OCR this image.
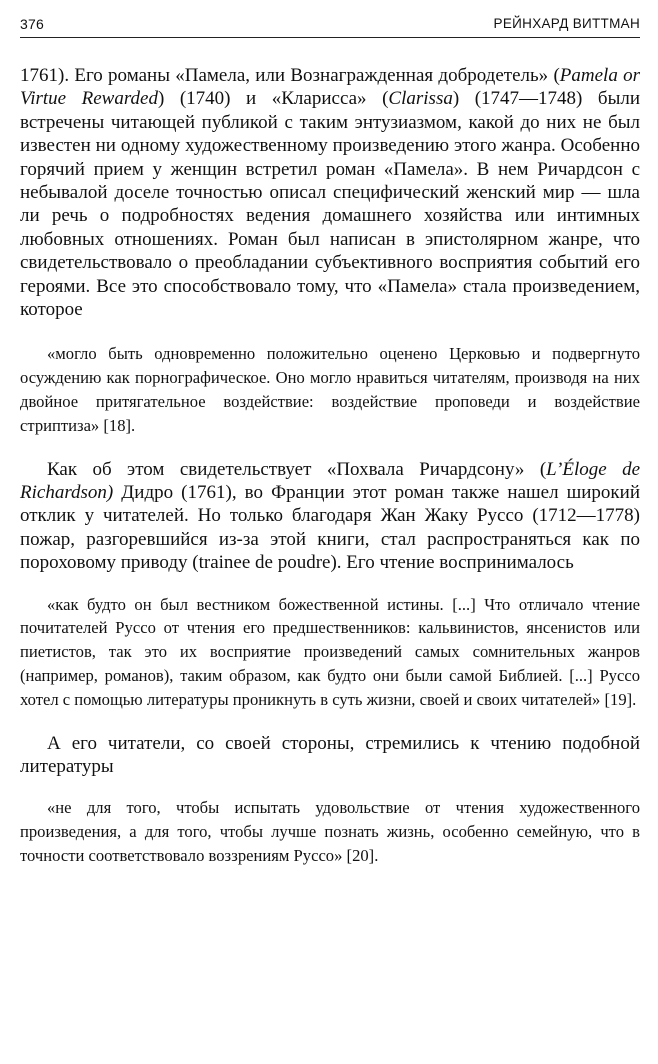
376	РЕЙНХАРД ВИТТМАН

1761). Его романы «Памела, или Вознагражденная добродетель» (Pamela or Virtue Rewarded) (1740) и «Кларисса» (Clarissa) (1747—1748) были встречены читающей публикой с таким энтузиазмом, какой до них не был известен ни одному художественному произведению этого жанра. Особенно горячий прием у женщин встретил роман «Памела». В нем Ричардсон с небывалой доселе точностью описал специфический женский мир — шла ли речь о подробностях ведения домашнего хозяйства или интимных любовных отношениях. Роман был написан в эпистолярном жанре, что свидетельствовало о преобладании субъективного восприятия событий его героями. Все это способствовало тому, что «Памела» стала произведением, которое

«могло быть одновременно положительно оценено Церковью и подвергнуто осуждению как порнографическое. Оно могло нравиться читателям, производя на них двойное притягательное воздействие: воздействие проповеди и воздействие стриптиза» [18].

Как об этом свидетельствует «Похвала Ричардсону» (L’Éloge de Richardson) Дидро (1761), во Франции этот роман также нашел широкий отклик у читателей. Но только благодаря Жан Жаку Руссо (1712—1778) пожар, разгоревшийся из-за этой книги, стал распространяться как по пороховому приводу (trainee de poudre). Его чтение воспринималось

«как будто он был вестником божественной истины. [...] Что отличало чтение почитателей Руссо от чтения его предшественников: кальвинистов, янсенистов или пиетистов, так это их восприятие произведений самых сомнительных жанров (например, романов), таким образом, как будто они были самой Библией. [...] Руссо хотел с помощью литературы проникнуть в суть жизни, своей и своих читателей» [19].

А его читатели, со своей стороны, стремились к чтению подобной литературы

«не для того, чтобы испытать удовольствие от чтения художественного произведения, а для того, чтобы лучше познать жизнь, особенно семейную, что в точности соответствовало воззрениям Руссо» [20].
